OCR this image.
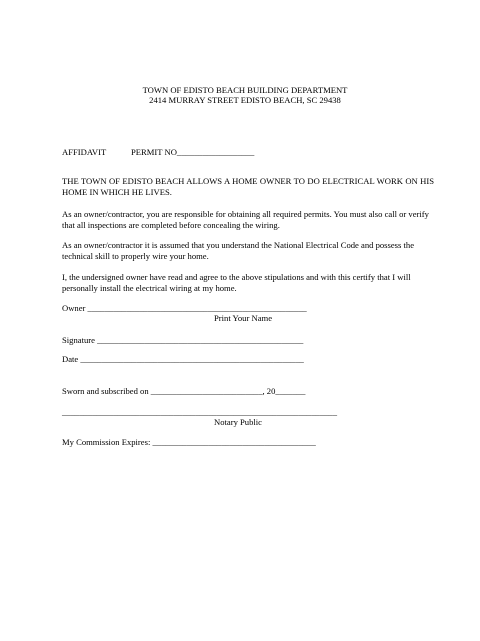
TOWN OF EDISTO BEACH BUILDING DEPARTMENT
2414 MURRAY STREET EDISTO BEACH, SC 29438
AFFIDAVIT	PERMIT NO__________________
THE TOWN OF EDISTO BEACH ALLOWS A HOME OWNER TO DO ELECTRICAL WORK ON HIS HOME IN WHICH HE LIVES.
As an owner/contractor, you are responsible for obtaining all required permits. You must also call or verify that all inspections are completed before concealing the wiring.
As an owner/contractor it is assumed that you understand the National Electrical Code and possess the technical skill to properly wire your home.
I, the undersigned owner have read and agree to the above stipulations and with this certify that I will personally install the electrical wiring at my home.
Owner ___________________________________________________
Print Your Name
Signature ________________________________________________
Date ____________________________________________________
Sworn and subscribed on __________________________, 20_______
________________________________________________________________
Notary Public
My Commission Expires: ______________________________________
